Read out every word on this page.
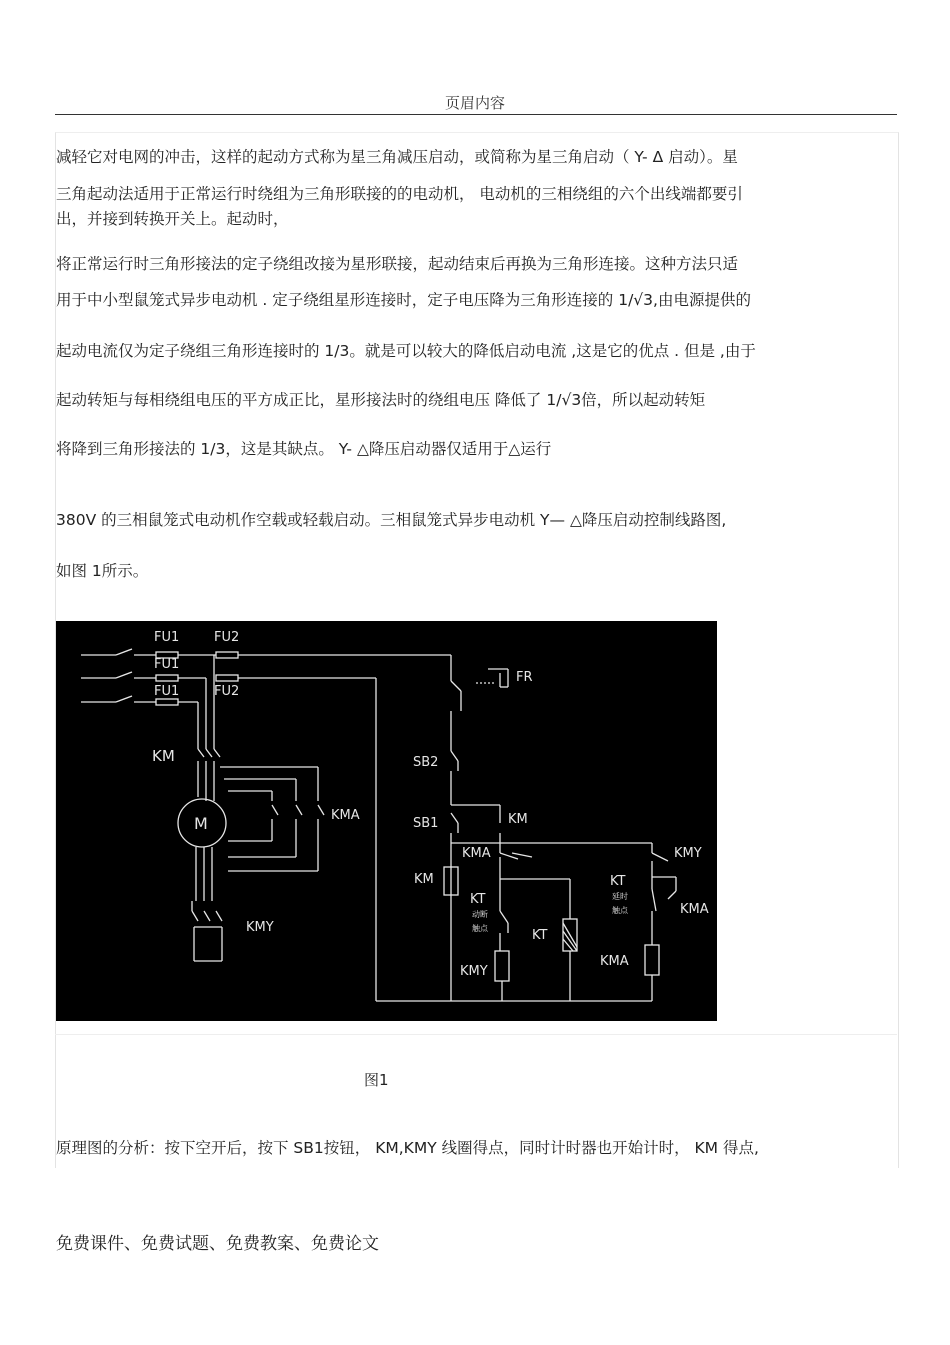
页眉内容
减轻它对电网的冲击，这样的起动方式称为星三角减压启动，或简称为星三角启动（ Y- Δ 启动）。星
三角起动法适用于正常运行时绕组为三角形联接的的电动机， 电动机的三相绕组的六个出线端都要引
出，并接到转换开关上。起动时，
将正常运行时三角形接法的定子绕组改接为星形联接，起动结束后再换为三角形连接。这种方法只适
用于中小型鼠笼式异步电动机 . 定子绕组星形连接时，定子电压降为三角形连接的 1/√3,由电源提供的
起动电流仅为定子绕组三角形连接时的 1/3。就是可以较大的降低启动电流 ,这是它的优点 . 但是 ,由于
起动转矩与每相绕组电压的平方成正比，星形接法时的绕组电压 降低了 1/√3倍，所以起动转矩
将降到三角形接法的 1/3，这是其缺点。 Y- △降压启动器仅适用于△运行
380V 的三相鼠笼式电动机作空载或轻载启动。三相鼠笼式异步电动机 Y— △降压启动控制线路图,
如图 1所示。
FU1
FU1
FU1
FU2
FU2
FR
KM
M	KMA
KMY
SB2
SB1	KM
KMA
KM
KT
动断
触点	KT
KMY
KMY
KT
延时
触点	KMA
KMA
图1
原理图的分析：按下空开后，按下 SB1按钮， KM,KMY 线圈得点，同时计时器也开始计时， KM 得点,
免费课件、免费试题、免费教案、免费论文
